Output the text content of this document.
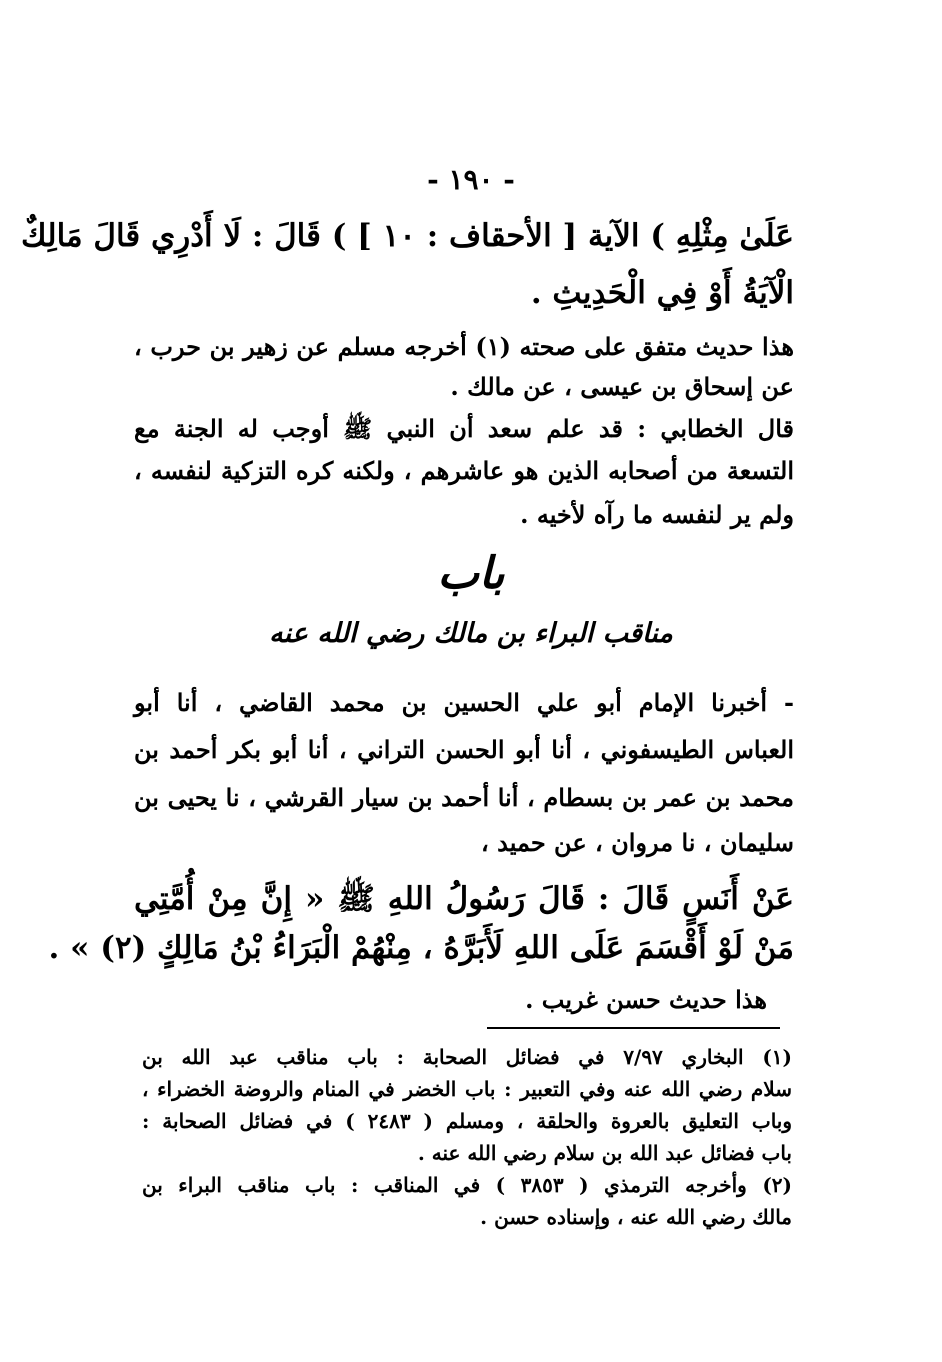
- ١٩٠ -
عَلَىٰ مِثْلِهِ ) الآية [ الأحقاف : ١٠ ] ) قَالَ : لَا أَدْرِي قَالَ مَالِكٌ
الْآيَةُ أَوْ فِي الْحَدِيثِ .
هذا حديث متفق على صحته (١) أخرجه مسلم عن زهير بن حرب ،
عن إسحاق بن عيسى ، عن مالك .
قال الخطابي : قد علم سعد أن النبي ﷺ أوجب له الجنة مع
التسعة من أصحابه الذين هو عاشرهم ، ولكنه كره التزكية لنفسه ،
ولم ير لنفسه ما رآه لأخيه .
باب
مناقب البراء بن مالك رضي الله عنه
- أخبرنا الإمام أبو علي الحسين بن محمد القاضي ، أنا أبو
العباس الطيسفوني ، أنا أبو الحسن التراني ، أنا أبو بكر أحمد بن
محمد بن عمر بن بسطام ، أنا أحمد بن سيار القرشي ، نا يحيى بن
سليمان ، نا مروان ، عن حميد ،
عَنْ أَنَسٍ قَالَ : قَالَ رَسُولُ اللهِ ﷺ « إِنَّ مِنْ أُمَّتِي
مَنْ لَوْ أَقْسَمَ عَلَى اللهِ لَأَبَرَّهُ ، مِنْهُمْ الْبَرَاءُ بْنُ مَالِكٍ (٢) » .
هذا حديث حسن غريب .
(١) البخاري ٧/٩٧ في فضائل الصحابة : باب مناقب عبد الله بن
سلام رضي الله عنه وفي التعبير : باب الخضر في المنام والروضة الخضراء ،
وباب التعليق بالعروة والحلقة ، ومسلم ( ٢٤٨٣ ) في فضائل الصحابة :
باب فضائل عبد الله بن سلام رضي الله عنه .
(٢) وأخرجه الترمذي ( ٣٨٥٣ ) في المناقب : باب مناقب البراء بن
مالك رضي الله عنه ، وإسناده حسن .
